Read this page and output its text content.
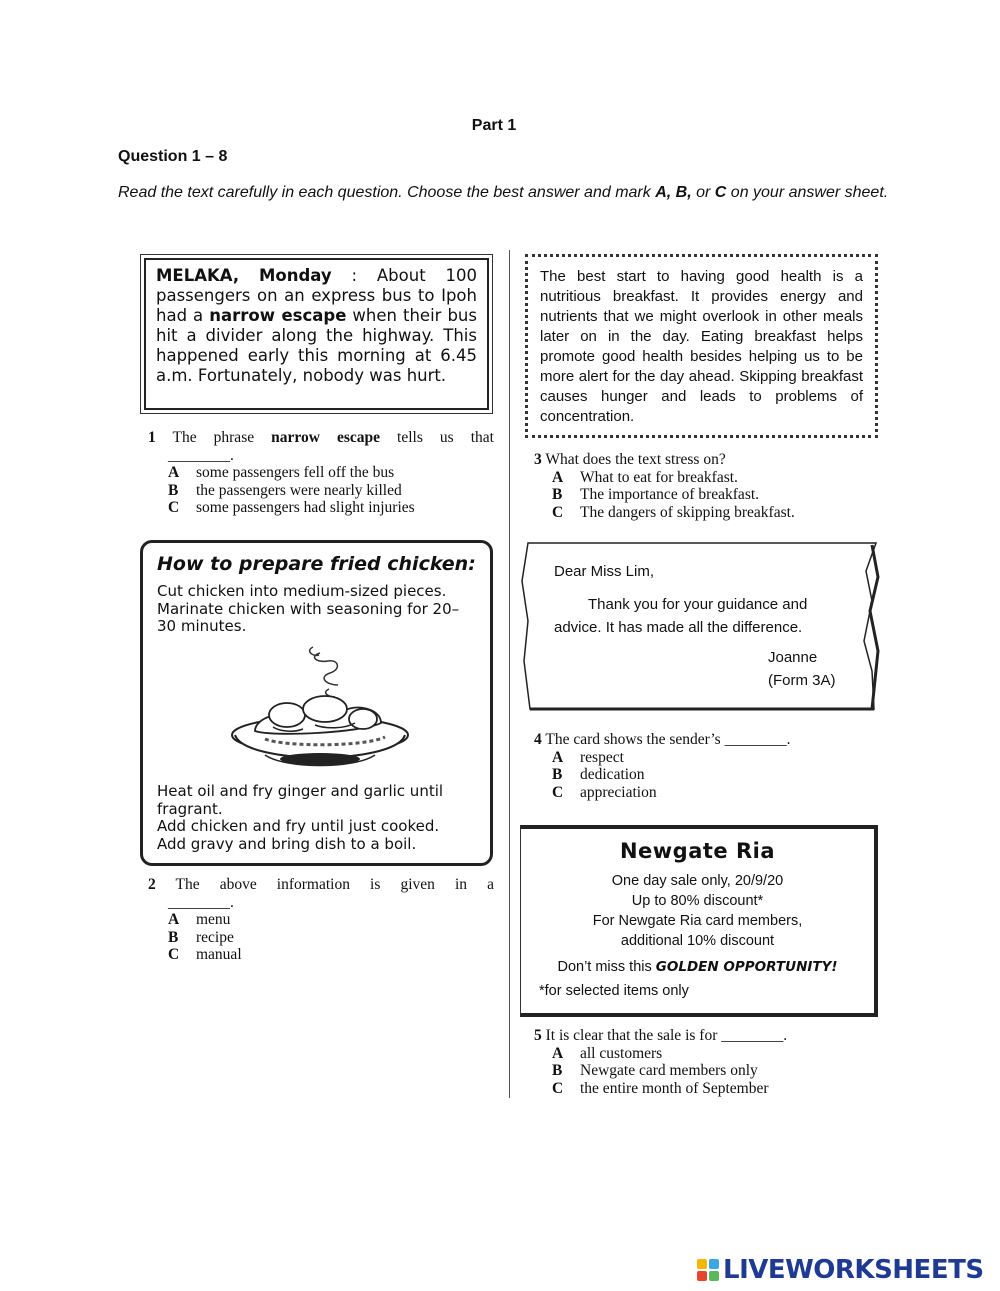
Part 1
Question 1 – 8
Read the text carefully in each question. Choose the best answer and mark A, B, or C on your answer sheet.
MELAKA, Monday : About 100 passengers on an express bus to Ipoh had a narrow escape when their bus hit a divider along the highway. This happened early this morning at 6.45 a.m. Fortunately, nobody was hurt.
1 The phrase narrow escape tells us that
________.
A	some passengers fell off the bus
B	the passengers were nearly killed
C	some passengers had slight injuries
How to prepare fried chicken:
Cut chicken into medium-sized pieces. Marinate chicken with seasoning for 20–30 minutes.
Heat oil and fry ginger and garlic until
fragrant.
Add chicken and fry until just cooked.
Add gravy and bring dish to a boil.
2 The above information is given in a
________.
A	menu
B	recipe
C	manual
The best start to having good health is a nutritious breakfast. It provides energy and nutrients that we might overlook in other meals later on in the day. Eating breakfast helps promote good health besides helping us to be more alert for the day ahead. Skipping breakfast causes hunger and leads to problems of concentration.
3 What does the text stress on?
A	What to eat for breakfast.
B	The importance of breakfast.
C	The dangers of skipping breakfast.
Dear Miss Lim,
Thank you for your guidance and advice. It has made all the difference.
Joanne
(Form 3A)
4 The card shows the sender’s ________.
A	respect
B	dedication
C	appreciation
Newgate Ria
One day sale only, 20/9/20
Up to 80% discount*
For Newgate Ria card members,
additional 10% discount
Don’t miss this GOLDEN OPPORTUNITY!
*for selected items only
5 It is clear that the sale is for ________.
A	all customers
B	Newgate card members only
C	the entire month of September
LIVEWORKSHEETS
